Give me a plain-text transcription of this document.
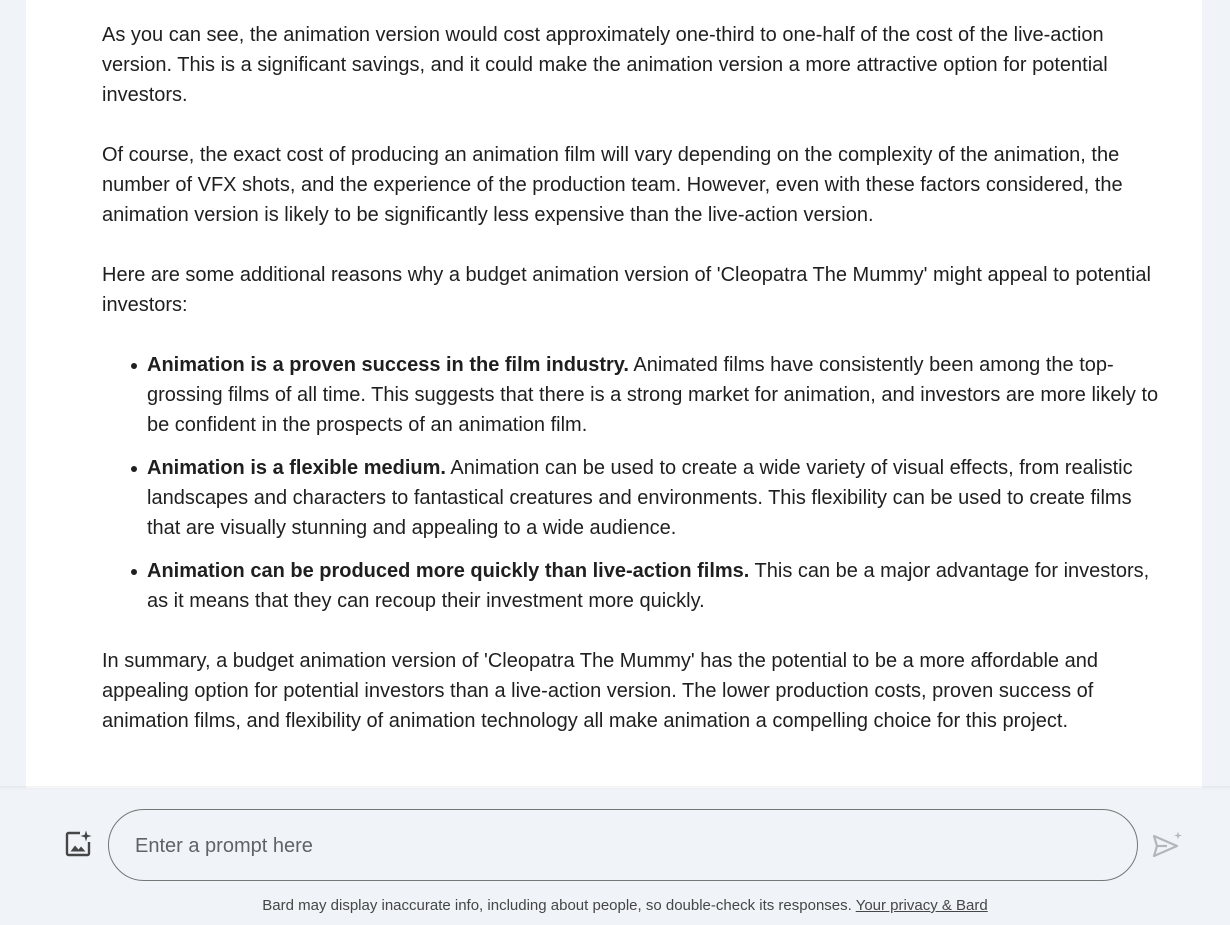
As you can see, the animation version would cost approximately one-third to one-half of the cost of the live-action version. This is a significant savings, and it could make the animation version a more attractive option for potential investors.

Of course, the exact cost of producing an animation film will vary depending on the complexity of the animation, the number of VFX shots, and the experience of the production team. However, even with these factors considered, the animation version is likely to be significantly less expensive than the live-action version.

Here are some additional reasons why a budget animation version of 'Cleopatra The Mummy' might appeal to potential investors:

Animation is a proven success in the film industry. Animated films have consistently been among the top-grossing films of all time. This suggests that there is a strong market for animation, and investors are more likely to be confident in the prospects of an animation film.
Animation is a flexible medium. Animation can be used to create a wide variety of visual effects, from realistic landscapes and characters to fantastical creatures and environments. This flexibility can be used to create films that are visually stunning and appealing to a wide audience.
Animation can be produced more quickly than live-action films. This can be a major advantage for investors, as it means that they can recoup their investment more quickly.

In summary, a budget animation version of 'Cleopatra The Mummy' has the potential to be a more affordable and appealing option for potential investors than a live-action version. The lower production costs, proven success of animation films, and flexibility of animation technology all make animation a compelling choice for this project.

Enter a prompt here
Bard may display inaccurate info, including about people, so double-check its responses. Your privacy & Bard
